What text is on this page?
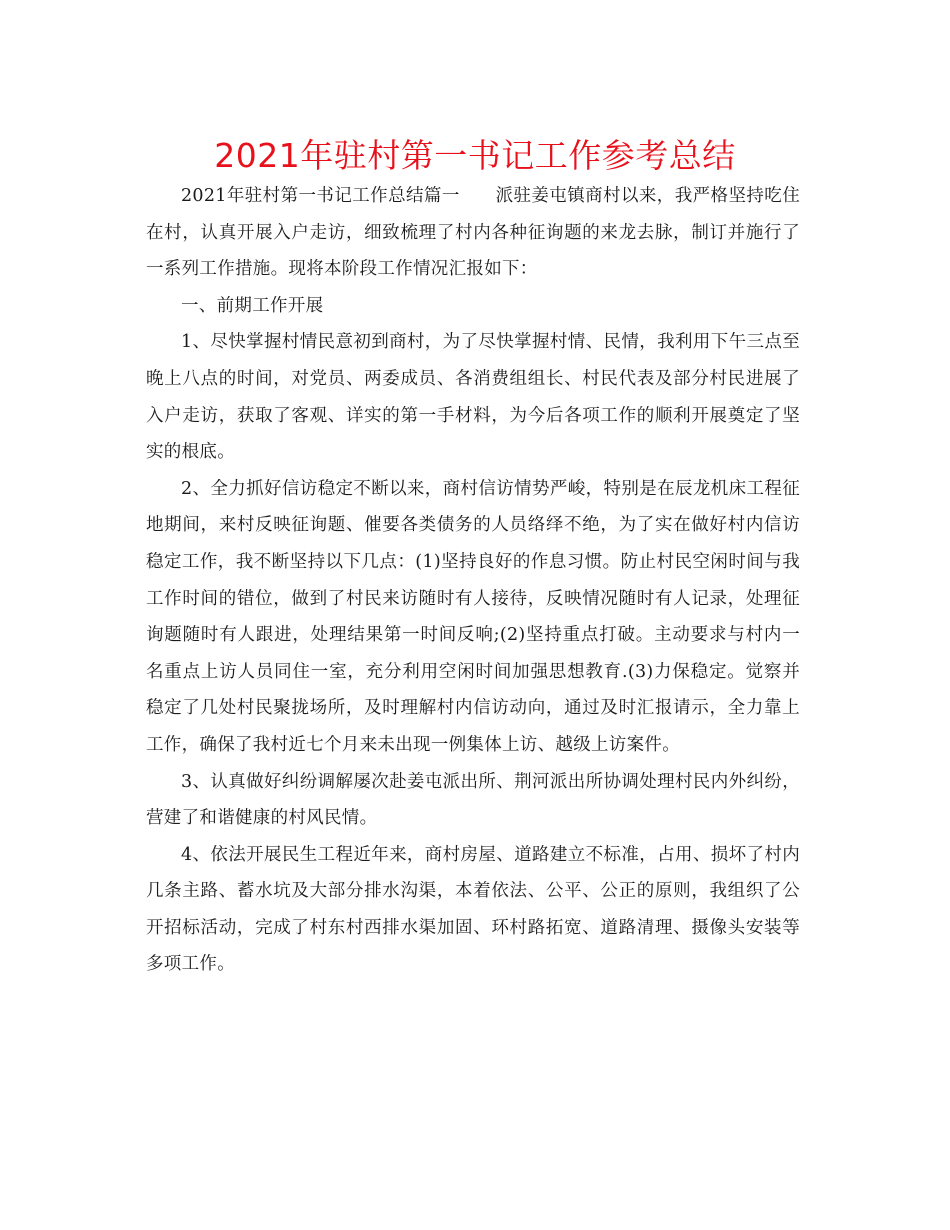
2021年驻村第一书记工作参考总结

2021年驻村第一书记工作总结篇一　　派驻姜屯镇商村以来，我严格坚持吃住在村，认真开展入户走访，细致梳理了村内各种征询题的来龙去脉，制订并施行了一系列工作措施。现将本阶段工作情况汇报如下：

一、前期工作开展

1、尽快掌握村情民意初到商村，为了尽快掌握村情、民情，我利用下午三点至晚上八点的时间，对党员、两委成员、各消费组组长、村民代表及部分村民进展了入户走访，获取了客观、详实的第一手材料，为今后各项工作的顺利开展奠定了坚实的根底。

2、全力抓好信访稳定不断以来，商村信访情势严峻，特别是在辰龙机床工程征地期间，来村反映征询题、催要各类债务的人员络绎不绝，为了实在做好村内信访稳定工作，我不断坚持以下几点：(1)坚持良好的作息习惯。防止村民空闲时间与我工作时间的错位，做到了村民来访随时有人接待，反映情况随时有人记录，处理征询题随时有人跟进，处理结果第一时间反响;(2)坚持重点打破。主动要求与村内一名重点上访人员同住一室，充分利用空闲时间加强思想教育.(3)力保稳定。觉察并稳定了几处村民聚拢场所，及时理解村内信访动向，通过及时汇报请示，全力靠上工作，确保了我村近七个月来未出现一例集体上访、越级上访案件。

3、认真做好纠纷调解屡次赴姜屯派出所、荆河派出所协调处理村民内外纠纷，营建了和谐健康的村风民情。

4、依法开展民生工程近年来，商村房屋、道路建立不标准，占用、损坏了村内几条主路、蓄水坑及大部分排水沟渠，本着依法、公平、公正的原则，我组织了公开招标活动，完成了村东村西排水渠加固、环村路拓宽、道路清理、摄像头安装等多项工作。
